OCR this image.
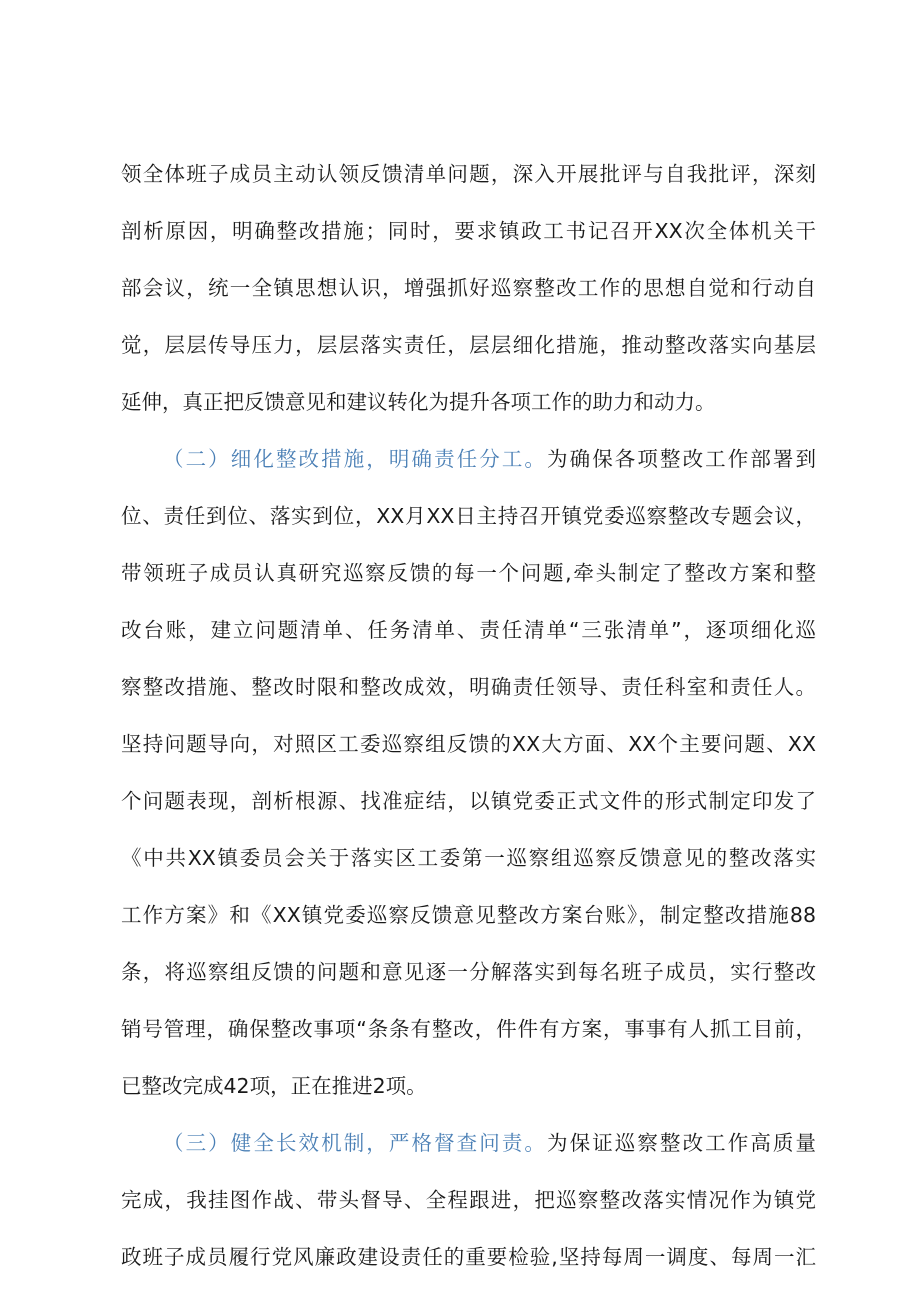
领全体班子成员主动认领反馈清单问题，深入开展批评与自我批评，深刻
剖析原因，明确整改措施；同时，要求镇政工书记召开XX次全体机关干
部会议，统一全镇思想认识，增强抓好巡察整改工作的思想自觉和行动自
觉，层层传导压力，层层落实责任，层层细化措施，推动整改落实向基层
延伸，真正把反馈意见和建议转化为提升各项工作的助力和动力。
（二）细化整改措施，明确责任分工。为确保各项整改工作部署到
位、责任到位、落实到位，XX月XX日主持召开镇党委巡察整改专题会议，
带领班子成员认真研究巡察反馈的每一个问题,牵头制定了整改方案和整
改台账，建立问题清单、任务清单、责任清单“三张清单”，逐项细化巡
察整改措施、整改时限和整改成效，明确责任领导、责任科室和责任人。
坚持问题导向，对照区工委巡察组反馈的XX大方面、XX个主要问题、XX
个问题表现，剖析根源、找准症结，以镇党委正式文件的形式制定印发了
《中共XX镇委员会关于落实区工委第一巡察组巡察反馈意见的整改落实
工作方案》和《XX镇党委巡察反馈意见整改方案台账》，制定整改措施88
条，将巡察组反馈的问题和意见逐一分解落实到每名班子成员，实行整改
销号管理，确保整改事项“条条有整改，件件有方案，事事有人抓工目前，
已整改完成42项，正在推进2项。
（三）健全长效机制，严格督查问责。为保证巡察整改工作高质量
完成，我挂图作战、带头督导、全程跟进，把巡察整改落实情况作为镇党
政班子成员履行党风廉政建设责任的重要检验,坚持每周一调度、每周一汇
